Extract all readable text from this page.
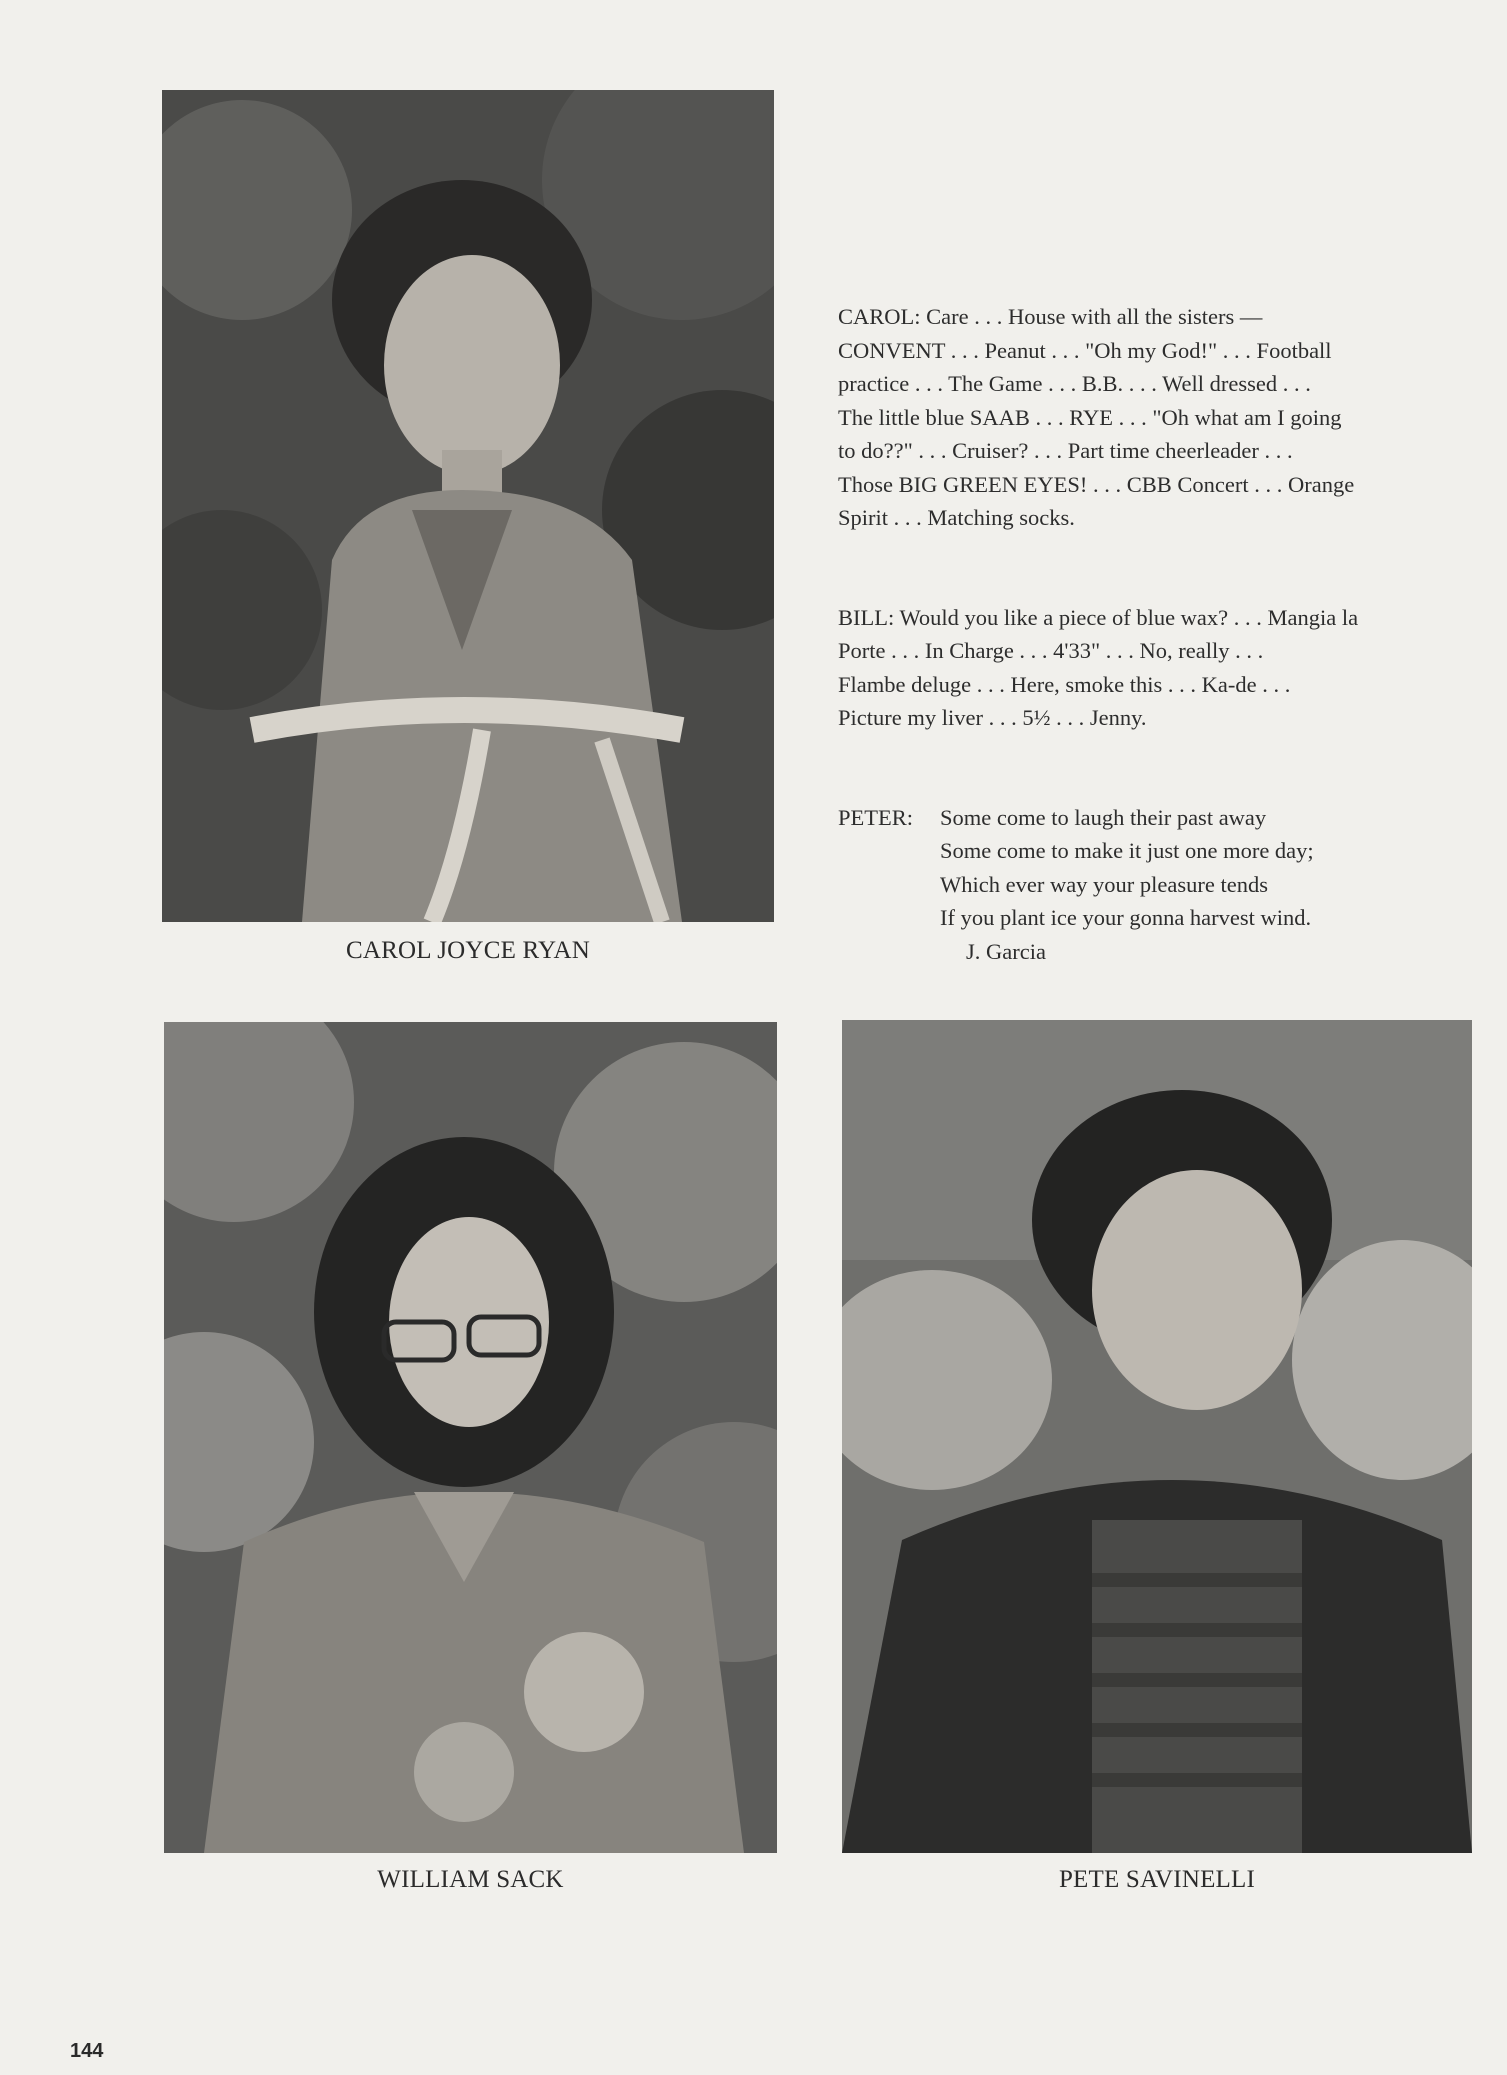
CAROL JOYCE RYAN

CAROL: Care . . . House with all the sisters —

CONVENT . . . Peanut . . . "Oh my God!" . . . Football

practice . . . The Game . . . B.B. . . . Well dressed . . .

The little blue SAAB . . . RYE . . . "Oh what am I going

to do??" . . . Cruiser? . . . Part time cheerleader . . .

Those BIG GREEN EYES! . . . CBB Concert . . . Orange

Spirit . . . Matching socks.

BILL: Would you like a piece of blue wax? . . . Mangia la

Porte . . . In Charge . . . 4'33" . . . No, really . . .

Flambe deluge . . . Here, smoke this . . . Ka-de . . .

Picture my liver . . . 5½ . . . Jenny.

PETER:	Some come to laugh their past away

Some come to make it just one more day;

Which ever way your pleasure tends

If you plant ice your gonna harvest wind.

J. Garcia

WILLIAM SACK	PETE SAVINELLI
144
